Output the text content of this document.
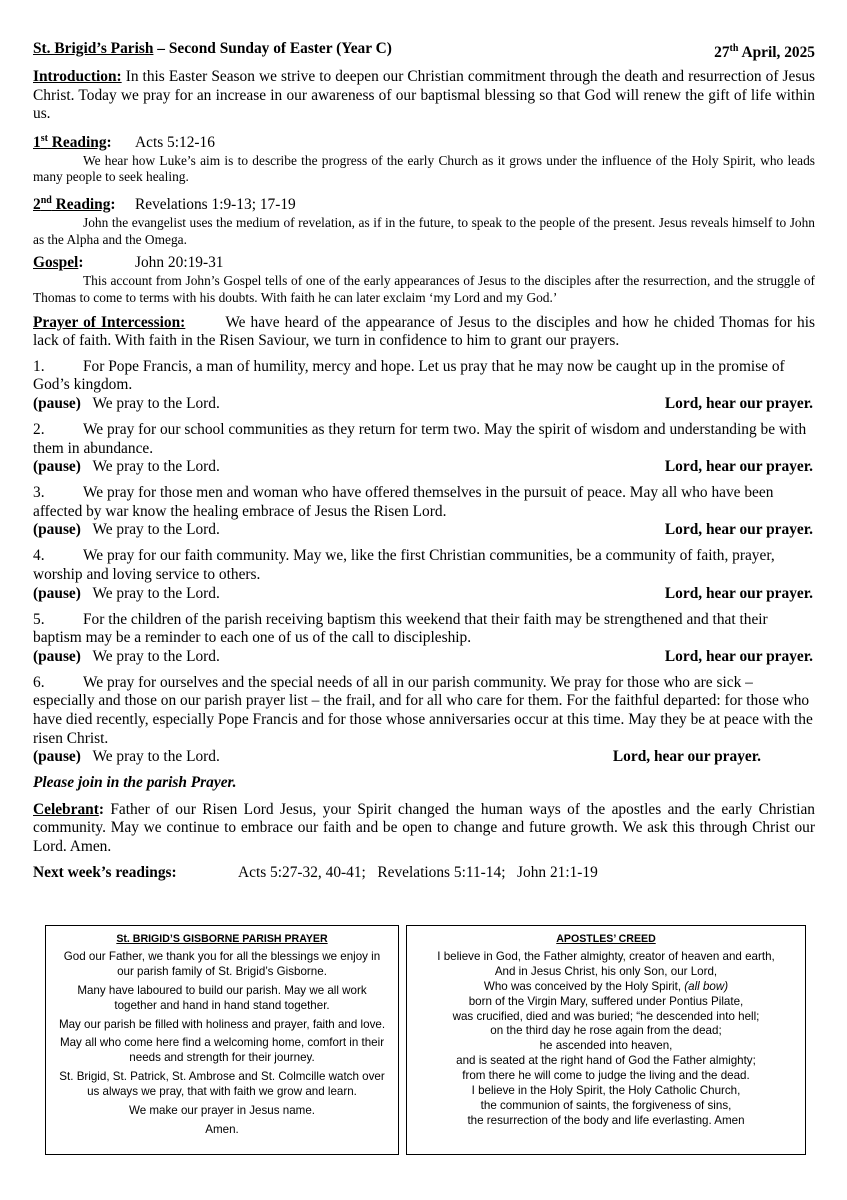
St. Brigid’s Parish – Second Sunday of Easter (Year C)	27th April, 2025

Introduction: In this Easter Season we strive to deepen our Christian commitment through the death and resurrection of Jesus Christ. Today we pray for an increase in our awareness of our baptismal blessing so that God will renew the gift of life within us.

1st Reading: Acts 5:12-16

We hear how Luke’s aim is to describe the progress of the early Church as it grows under the influence of the Holy Spirit, who leads many people to seek healing.

2nd Reading: Revelations 1:9-13; 17-19

John the evangelist uses the medium of revelation, as if in the future, to speak to the people of the present. Jesus reveals himself to John as the Alpha and the Omega.

Gospel:	John 20:19-31

This account from John’s Gospel tells of one of the early appearances of Jesus to the disciples after the resurrection, and the struggle of Thomas to come to terms with his doubts. With faith he can later exclaim ‘my Lord and my God.’

Prayer of Intercession:	We have heard of the appearance of Jesus to the disciples and how he chided Thomas for his lack of faith. With faith in the Risen Saviour, we turn in confidence to him to grant our prayers.

1. For Pope Francis, a man of humility, mercy and hope. Let us pray that he may now be caught up in the promise of God’s kingdom.

(pause) We pray to the Lord.	Lord, hear our prayer.

2. We pray for our school communities as they return for term two. May the spirit of wisdom and understanding be with them in abundance.

(pause) We pray to the Lord.	Lord, hear our prayer.

3. We pray for those men and woman who have offered themselves in the pursuit of peace. May all who have been affected by war know the healing embrace of Jesus the Risen Lord.

(pause) We pray to the Lord.	Lord, hear our prayer.

4. We pray for our faith community. May we, like the first Christian communities, be a community of faith, prayer, worship and loving service to others.

(pause) We pray to the Lord.	Lord, hear our prayer.

5. For the children of the parish receiving baptism this weekend that their faith may be strengthened and that their baptism may be a reminder to each one of us of the call to discipleship.

(pause) We pray to the Lord.	Lord, hear our prayer.

6. We pray for ourselves and the special needs of all in our parish community. We pray for those who are sick – especially and those on our parish prayer list – the frail, and for all who care for them. For the faithful departed: for those who have died recently, especially Pope Francis and for those whose anniversaries occur at this time. May they be at peace with the risen Christ.

(pause) We pray to the Lord.	Lord, hear our prayer.

Please join in the parish Prayer.

Celebrant: Father of our Risen Lord Jesus, your Spirit changed the human ways of the apostles and the early Christian community. May we continue to embrace our faith and be open to change and future growth. We ask this through Christ our Lord. Amen.

Next week’s readings:	Acts 5:27-32, 40-41; Revelations 5:11-14; John 21:1-19

St. BRIGID’S GISBORNE PARISH PRAYER
God our Father, we thank you for all the blessings we enjoy in
our parish family of St. Brigid’s Gisborne.
Many have laboured to build our parish. May we all work
together and hand in hand stand together.
May our parish be filled with holiness and prayer, faith and love.
May all who come here find a welcoming home, comfort in their
needs and strength for their journey.
St. Brigid, St. Patrick, St. Ambrose and St. Colmcille watch over
us always we pray, that with faith we grow and learn.
We make our prayer in Jesus name.
Amen.
APOSTLES’ CREED
I believe in God, the Father almighty, creator of heaven and earth,
And in Jesus Christ, his only Son, our Lord,
Who was conceived by the Holy Spirit, (all bow)
born of the Virgin Mary, suffered under Pontius Pilate,
was crucified, died and was buried; “he descended into hell;
on the third day he rose again from the dead;
he ascended into heaven,
and is seated at the right hand of God the Father almighty;
from there he will come to judge the living and the dead.
I believe in the Holy Spirit, the Holy Catholic Church,
the communion of saints, the forgiveness of sins,
the resurrection of the body and life everlasting. Amen
